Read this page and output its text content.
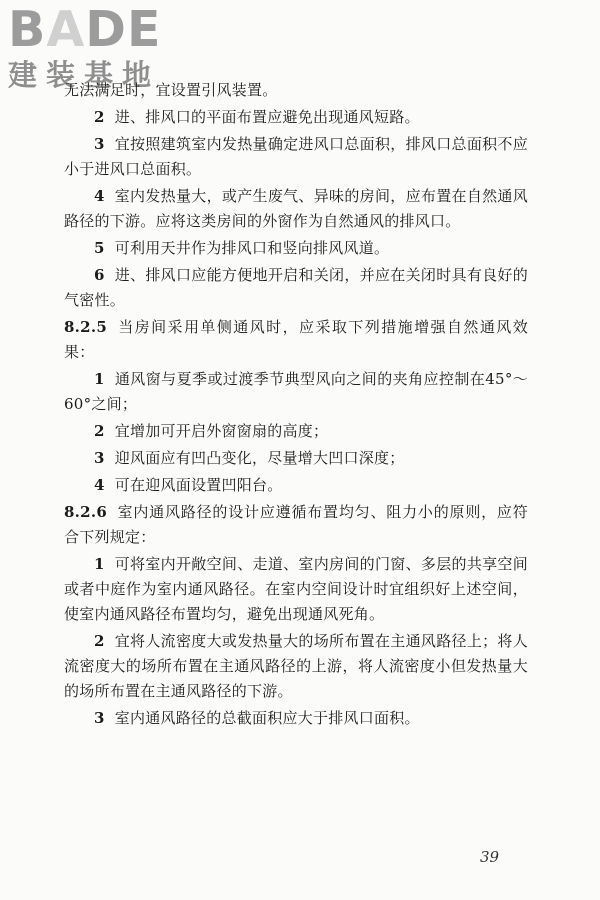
BADE
建装基地

无法满足时，宜设置引风装置。

2 进、排风口的平面布置应避免出现通风短路。

3 宜按照建筑室内发热量确定进风口总面积，排风口总面积不应小于进风口总面积。

4 室内发热量大，或产生废气、异味的房间，应布置在自然通风路径的下游。应将这类房间的外窗作为自然通风的排风口。

5 可利用天井作为排风口和竖向排风风道。

6 进、排风口应能方便地开启和关闭，并应在关闭时具有良好的气密性。

8.2.5 当房间采用单侧通风时，应采取下列措施增强自然通风效果：

1 通风窗与夏季或过渡季节典型风向之间的夹角应控制在45°～60°之间；

2 宜增加可开启外窗窗扇的高度；

3 迎风面应有凹凸变化，尽量增大凹口深度；

4 可在迎风面设置凹阳台。

8.2.6 室内通风路径的设计应遵循布置均匀、阻力小的原则，应符合下列规定：

1 可将室内开敞空间、走道、室内房间的门窗、多层的共享空间或者中庭作为室内通风路径。在室内空间设计时宜组织好上述空间，使室内通风路径布置均匀，避免出现通风死角。

2 宜将人流密度大或发热量大的场所布置在主通风路径上；将人流密度大的场所布置在主通风路径的上游，将人流密度小但发热量大的场所布置在主通风路径的下游。

3 室内通风路径的总截面积应大于排风口面积。

39
